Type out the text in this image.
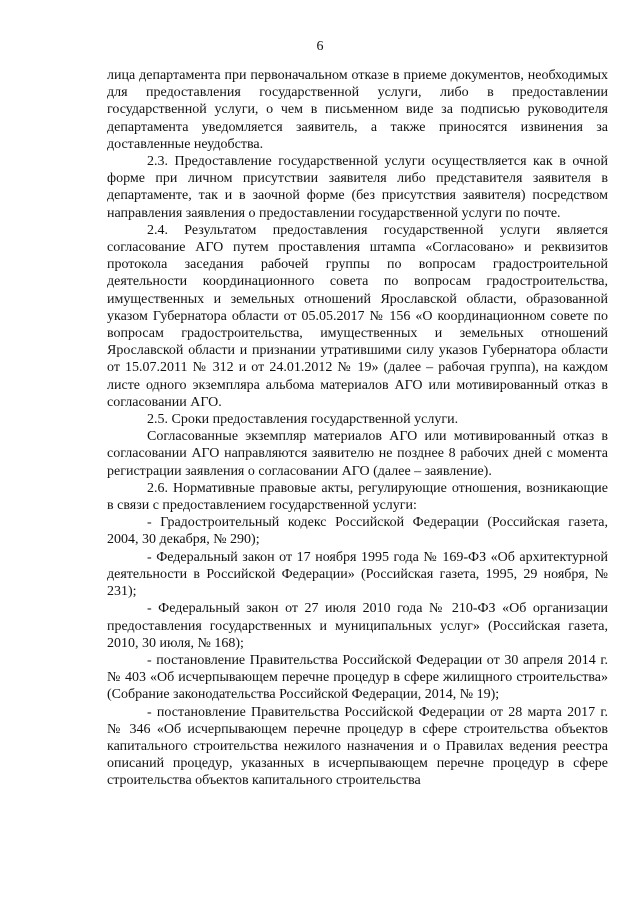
6

лица департамента при первоначальном отказе в приеме документов, необходимых для предоставления государственной услуги, либо в предоставлении государственной услуги, о чем в письменном виде за подписью руководителя департамента уведомляется заявитель, а также приносятся извинения за доставленные неудобства.

2.3. Предоставление государственной услуги осуществляется как в очной форме при личном присутствии заявителя либо представителя заявителя в департаменте, так и в заочной форме (без присутствия заявителя) посредством направления заявления о предоставлении государственной услуги по почте.

2.4. Результатом предоставления государственной услуги является согласование АГО путем проставления штампа «Согласовано» и реквизитов протокола заседания рабочей группы по вопросам градостроительной деятельности координационного совета по вопросам градостроительства, имущественных и земельных отношений Ярославской области, образованной указом Губернатора области от 05.05.2017 № 156 «О координационном совете по вопросам градостроительства, имущественных и земельных отношений Ярославской области и признании утратившими силу указов Губернатора области от 15.07.2011 № 312 и от 24.01.2012 № 19» (далее – рабочая группа), на каждом листе одного экземпляра альбома материалов АГО или мотивированный отказ в согласовании АГО.

2.5. Сроки предоставления государственной услуги.

Согласованные экземпляр материалов АГО или мотивированный отказ в согласовании АГО направляются заявителю не позднее 8 рабочих дней с момента регистрации заявления о согласовании АГО (далее – заявление).

2.6. Нормативные правовые акты, регулирующие отношения, возникающие в связи с предоставлением государственной услуги:

- Градостроительный кодекс Российской Федерации (Российская газета, 2004, 30 декабря, № 290);

- Федеральный закон от 17 ноября 1995 года № 169-ФЗ «Об архитектурной деятельности в Российской Федерации» (Российская газета, 1995, 29 ноября, № 231);

- Федеральный закон от 27 июля 2010 года № 210-ФЗ «Об организации предоставления государственных и муниципальных услуг» (Российская газета, 2010, 30 июля, № 168);

- постановление Правительства Российской Федерации от 30 апреля 2014 г. № 403 «Об исчерпывающем перечне процедур в сфере жилищного строительства» (Собрание законодательства Российской Федерации, 2014, № 19);

- постановление Правительства Российской Федерации от 28 марта 2017 г. № 346 «Об исчерпывающем перечне процедур в сфере строительства объектов капитального строительства нежилого назначения и о Правилах ведения реестра описаний процедур, указанных в исчерпывающем перечне процедур в сфере строительства объектов капитального строительства
